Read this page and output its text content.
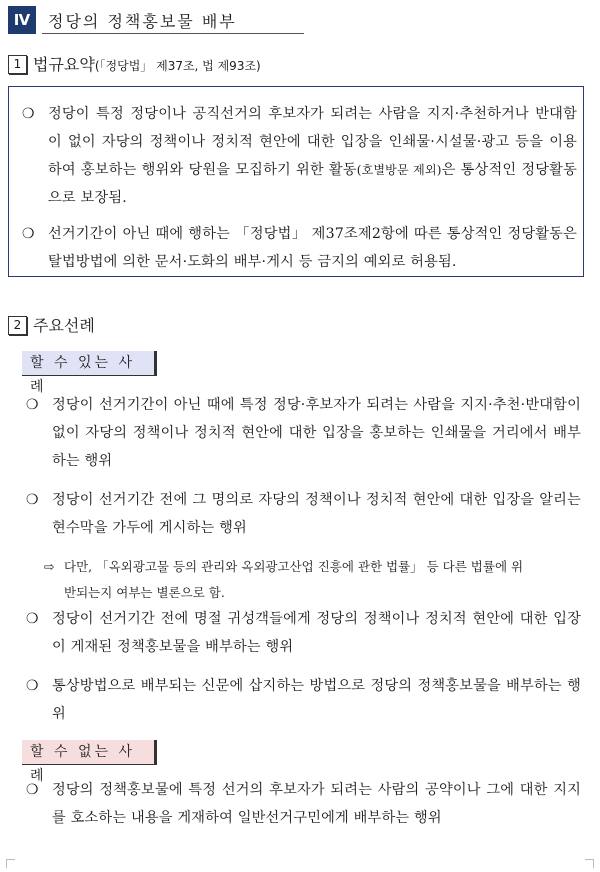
Ⅳ	정당의 정책홍보물 배부
1 법규요약(「정당법」 제37조, 법 제93조)
❍ 정당이 특정 정당이나 공직선거의 후보자가 되려는 사람을 지지·추천하거나 반대함이 없이 자당의 정책이나 정치적 현안에 대한 입장을 인쇄물·시설물·광고 등을 이용하여 홍보하는 행위와 당원을 모집하기 위한 활동(호별방문 제외)은 통상적인 정당활동으로 보장됨.
❍ 선거기간이 아닌 때에 행하는 「정당법」 제37조제2항에 따른 통상적인 정당활동은 탈법방법에 의한 문서·도화의 배부·게시 등 금지의 예외로 허용됨.
2 주요선례
할 수 있는 사례
❍ 정당이 선거기간이 아닌 때에 특정 정당·후보자가 되려는 사람을 지지·추천·반대함이 없이 자당의 정책이나 정치적 현안에 대한 입장을 홍보하는 인쇄물을 거리에서 배부하는 행위
❍ 정당이 선거기간 전에 그 명의로 자당의 정책이나 정치적 현안에 대한 입장을 알리는 현수막을 가두에 게시하는 행위
⇨ 다만, 「옥외광고물 등의 관리와 옥외광고산업 진흥에 관한 법률」 등 다른 법률에 위
반되는지 여부는 별론으로 함.
❍ 정당이 선거기간 전에 명절 귀성객들에게 정당의 정책이나 정치적 현안에 대한 입장이 게재된 정책홍보물을 배부하는 행위
❍ 통상방법으로 배부되는 신문에 삽지하는 방법으로 정당의 정책홍보물을 배부하는 행위
할 수 없는 사례
❍ 정당의 정책홍보물에 특정 선거의 후보자가 되려는 사람의 공약이나 그에 대한 지지를 호소하는 내용을 게재하여 일반선거구민에게 배부하는 행위
